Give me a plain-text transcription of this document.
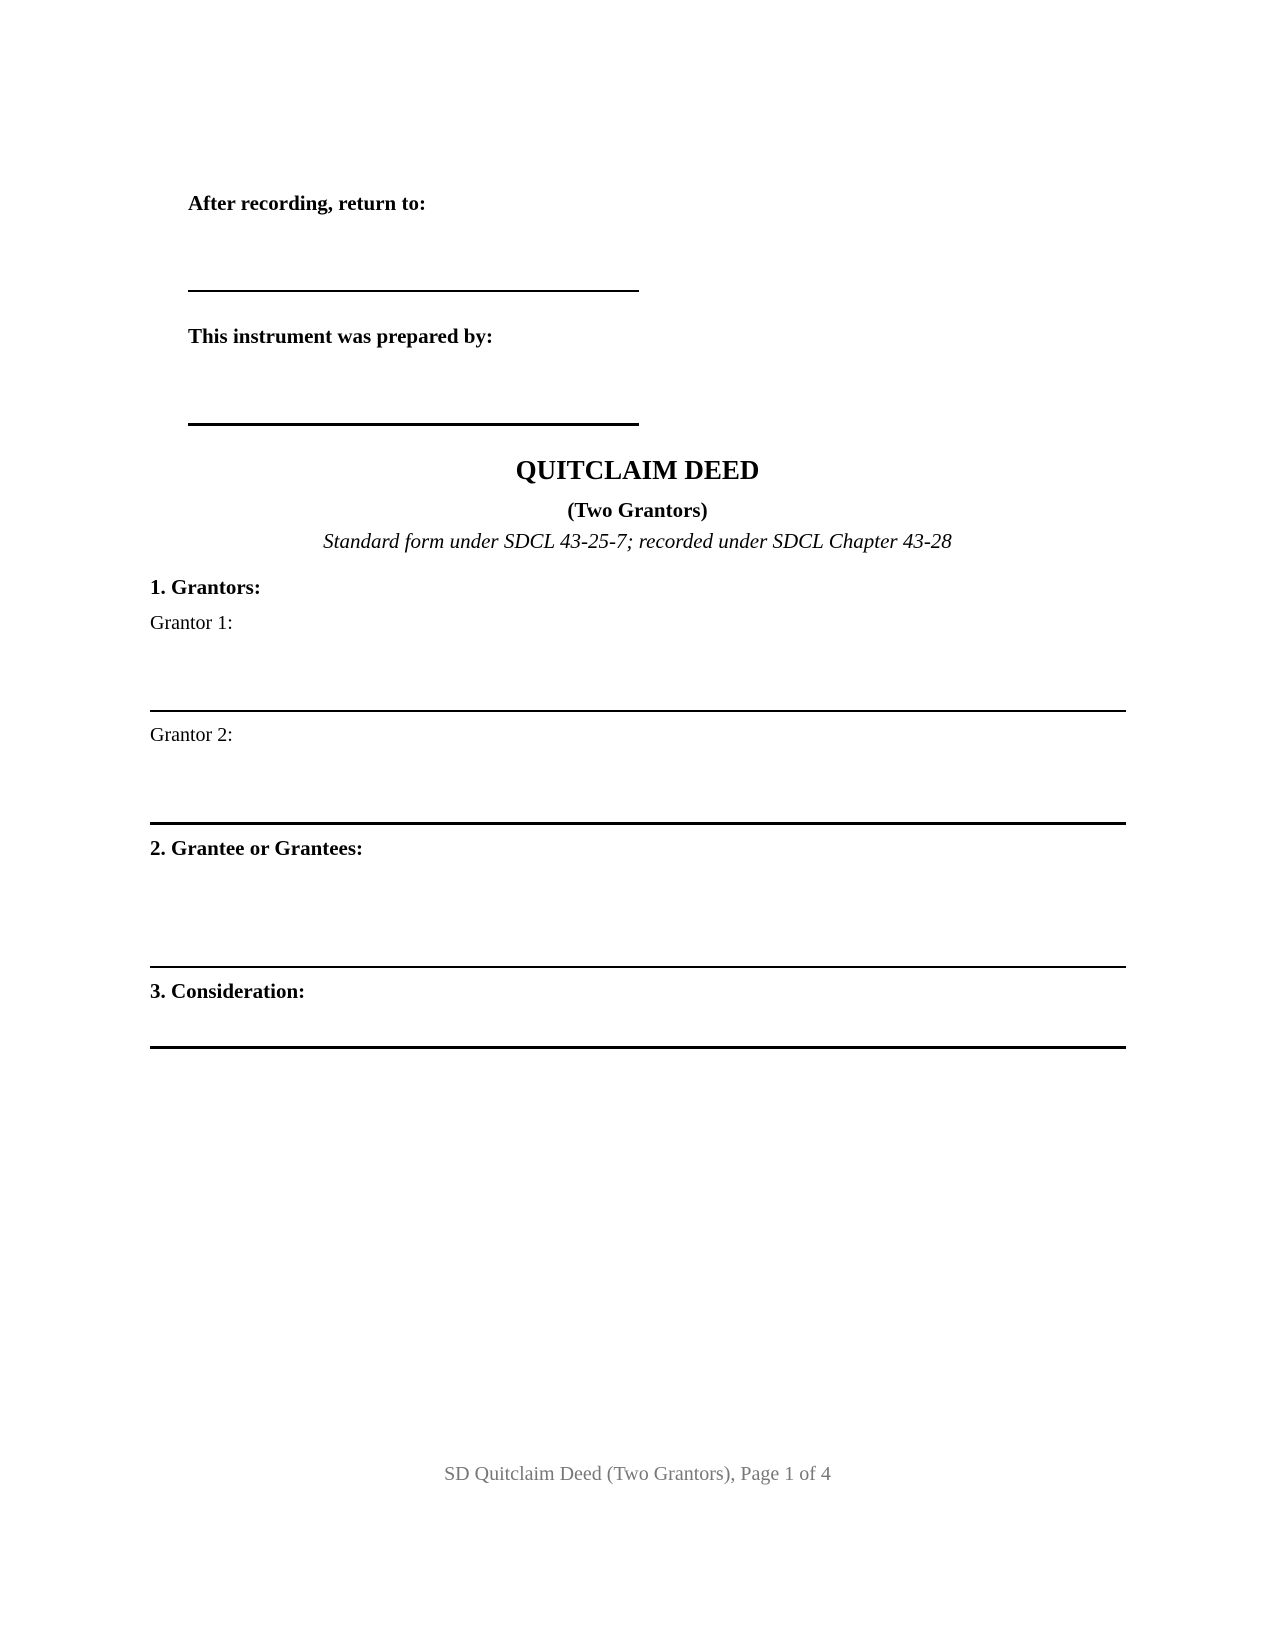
After recording, return to:
This instrument was prepared by:
QUITCLAIM DEED
(Two Grantors)
Standard form under SDCL 43-25-7; recorded under SDCL Chapter 43-28
1. Grantors:
Grantor 1:
Grantor 2:
2. Grantee or Grantees:
3. Consideration:
SD Quitclaim Deed (Two Grantors), Page 1 of 4
